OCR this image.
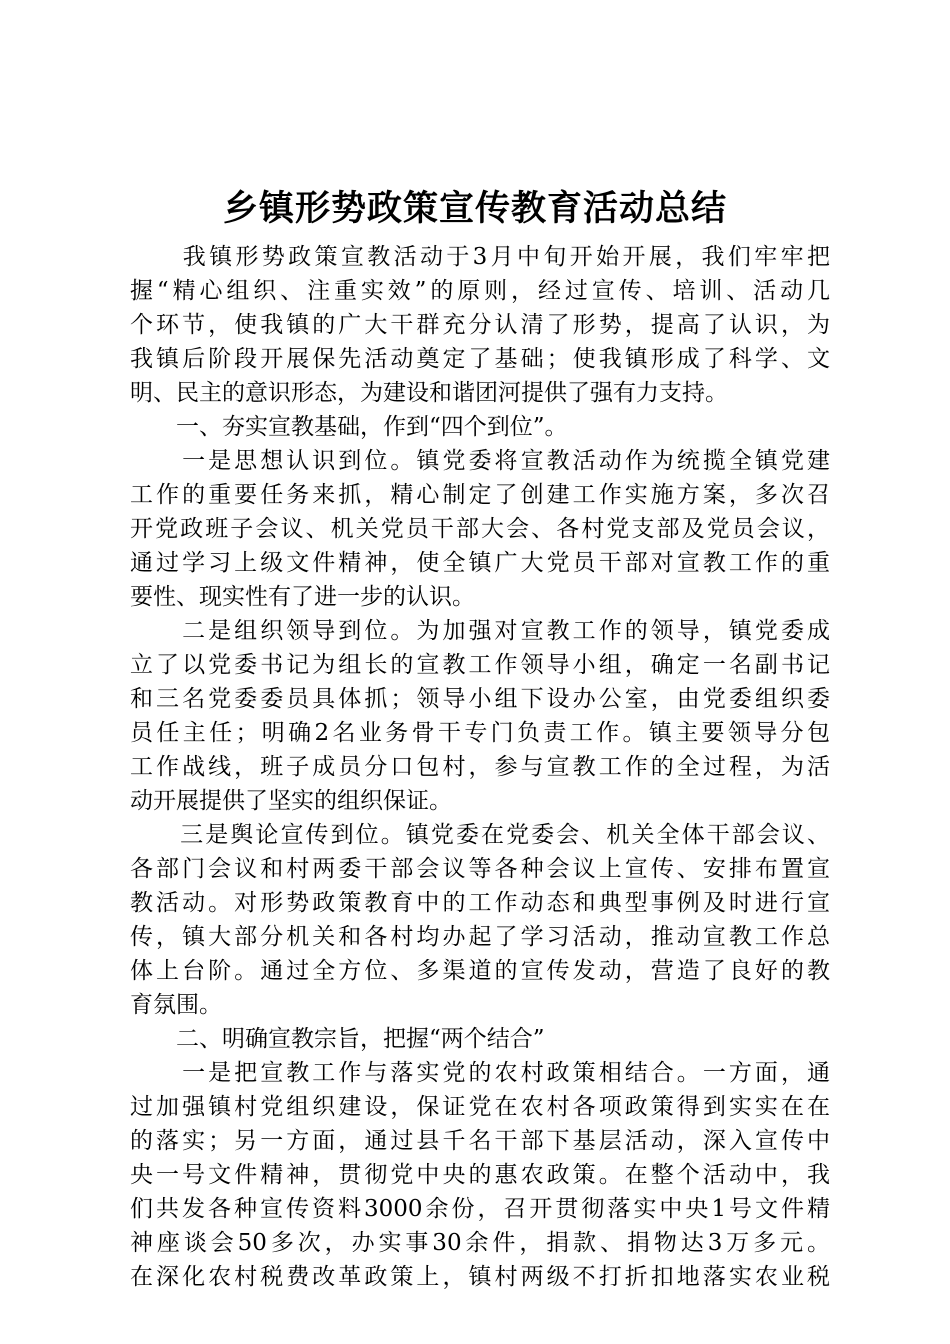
乡镇形势政策宣传教育活动总结
　　我镇形势政策宣教活动于3月中旬开始开展，我们牢牢把
握“精心组织、注重实效”的原则，经过宣传、培训、活动几
个环节，使我镇的广大干群充分认清了形势，提高了认识，为
我镇后阶段开展保先活动奠定了基础；使我镇形成了科学、文
明、民主的意识形态，为建设和谐团河提供了强有力支持。
　　一、夯实宣教基础，作到“四个到位”。
　　一是思想认识到位。镇党委将宣教活动作为统揽全镇党建
工作的重要任务来抓，精心制定了创建工作实施方案，多次召
开党政班子会议、机关党员干部大会、各村党支部及党员会议，
通过学习上级文件精神，使全镇广大党员干部对宣教工作的重
要性、现实性有了进一步的认识。
　　二是组织领导到位。为加强对宣教工作的领导，镇党委成
立了以党委书记为组长的宣教工作领导小组，确定一名副书记
和三名党委委员具体抓；领导小组下设办公室，由党委组织委
员任主任；明确2名业务骨干专门负责工作。镇主要领导分包
工作战线，班子成员分口包村，参与宣教工作的全过程，为活
动开展提供了坚实的组织保证。
　　三是舆论宣传到位。镇党委在党委会、机关全体干部会议、
各部门会议和村两委干部会议等各种会议上宣传、安排布置宣
教活动。对形势政策教育中的工作动态和典型事例及时进行宣
传，镇大部分机关和各村均办起了学习活动，推动宣教工作总
体上台阶。通过全方位、多渠道的宣传发动，营造了良好的教
育氛围。
　　二、明确宣教宗旨，把握“两个结合”
　　一是把宣教工作与落实党的农村政策相结合。一方面，通
过加强镇村党组织建设，保证党在农村各项政策得到实实在在
的落实；另一方面，通过县千名干部下基层活动，深入宣传中
央一号文件精神，贯彻党中央的惠农政策。在整个活动中，我
们共发各种宣传资料3000余份，召开贯彻落实中央1号文件精
神座谈会50多次，办实事30余件，捐款、捐物达3万多元。
在深化农村税费改革政策上，镇村两级不打折扣地落实农业税
